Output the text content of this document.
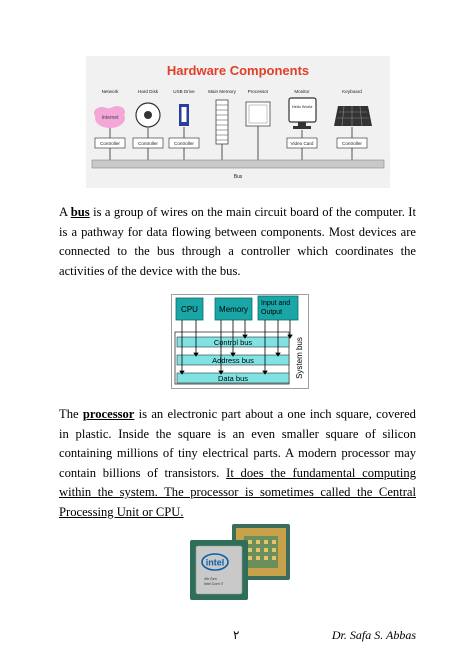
Hardware Components
Network	Hard Disk	USB Drive	Main Memory	Processor	Monitor	Keyboard
Internet
Hello World
Controller	Controller	Controller	Video Card	Controller
Bus

A bus is a group of wires on the main circuit board of the computer. It is a pathway for data flowing between components. Most devices are connected to the bus through a controller which coordinates the activities of the device with the bus.

CPU	Memory
Input and
Output
Control bus
Address bus
Data bus	System bus

The processor is an electronic part about a one inch square, covered in plastic. Inside the square is an even smaller square of silicon containing millions of tiny electrical parts. A modern processor may contain billions of transistors. It does the fundamental computing within the system. The processor is sometimes called the Central Processing Unit or CPU.

intel
4th Gen
Intel Core i7
٢	Dr. Safa S. Abbas
